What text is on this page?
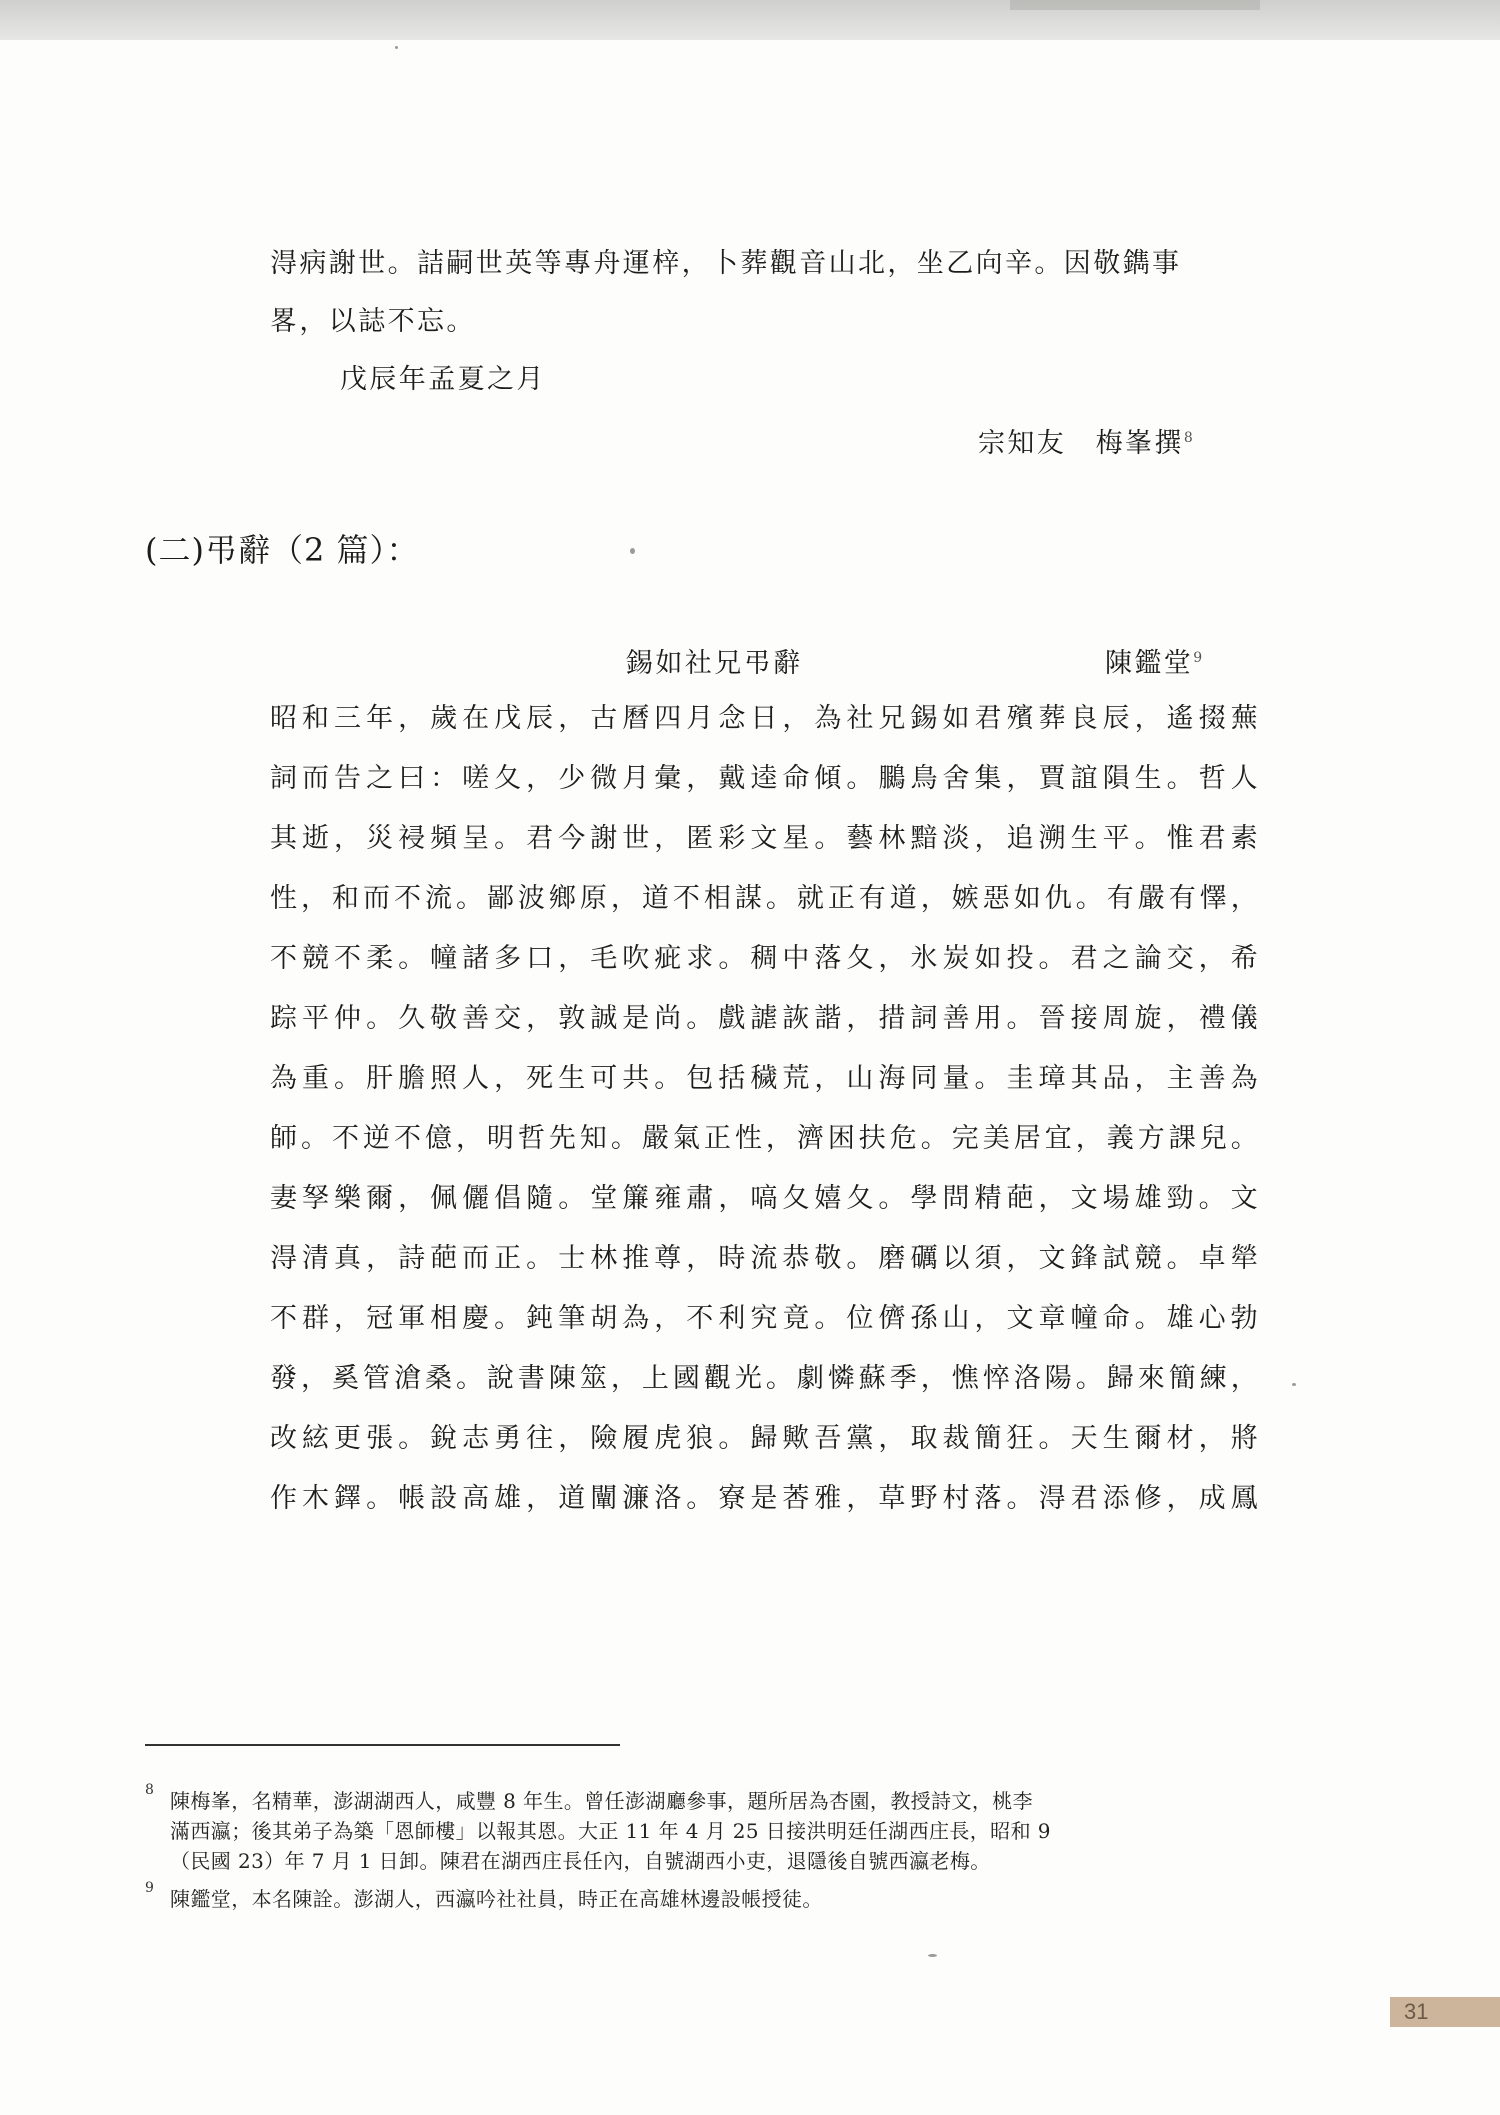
淂病謝世。詰嗣世英等專舟運梓，卜葬觀音山北，坐乙向辛。因敬鐫事
畧，以誌不忘。
戊辰年孟夏之月
宗知友　梅峯撰$^8$
(二)弔辭（2 篇）：
錫如社兄弔辭	陳鑑堂$^9$
昭和三年，歲在戊辰，古曆四月念日，為社兄錫如君殯葬良辰，遙掇蕪
詞而告之曰：嗟夂，少微月彙，戴逵命傾。鵩鳥舍集，賈誼隕生。哲人
其逝，災祲頻呈。君今謝世，匿彩文星。藝林黯淡，追溯生平。惟君素
性，和而不流。鄙波鄉原，道不相謀。就正有道，嫉惡如仇。有嚴有懌，
不競不柔。幢諸多口，毛吹疵求。稠中落夂，氷炭如投。君之論交，希
踪平仲。久敬善交，敦誠是尚。戲謔詼諧，措詞善用。晉接周旋，禮儀
為重。肝膽照人，死生可共。包括穢荒，山海同量。圭璋其品，主善為
師。不逆不億，明哲先知。嚴氣正性，濟困扶危。完美居宜，義方課兒。
妻孥樂爾，佩儷倡隨。堂簾雍肅，嗃夂嬉夂。學問精葩，文場雄勁。文
淂清真，詩葩而正。士林推尊，時流恭敬。磨礪以須，文鋒試競。卓犖
不群，冠軍相慶。鈍筆胡為，不利究竟。位儕孫山，文章幢命。雄心勃
發，奚管滄桑。說書陳筮，上國觀光。劇憐蘇季，憔悴洛陽。歸來簡練，
改絃更張。銳志勇往，險履虎狼。歸歟吾黨，取裁簡狂。天生爾材，將
作木鐸。帳設高雄，道闡濂洛。寮是莕雅，草野村落。淂君添修，成鳳
8 陳梅峯，名精華，澎湖湖西人，咸豐 8 年生。曾任澎湖廳參事，題所居為杏園，教授詩文，桃李
滿西瀛；後其弟子為築「恩師樓」以報其恩。大正 11 年 4 月 25 日接洪明廷任湖西庄長，昭和 9
（民國 23）年 7 月 1 日卸。陳君在湖西庄長任內，自號湖西小吏，退隱後自號西瀛老梅。
9 陳鑑堂，本名陳詮。澎湖人，西瀛吟社社員，時正在高雄林邊設帳授徒。
31
